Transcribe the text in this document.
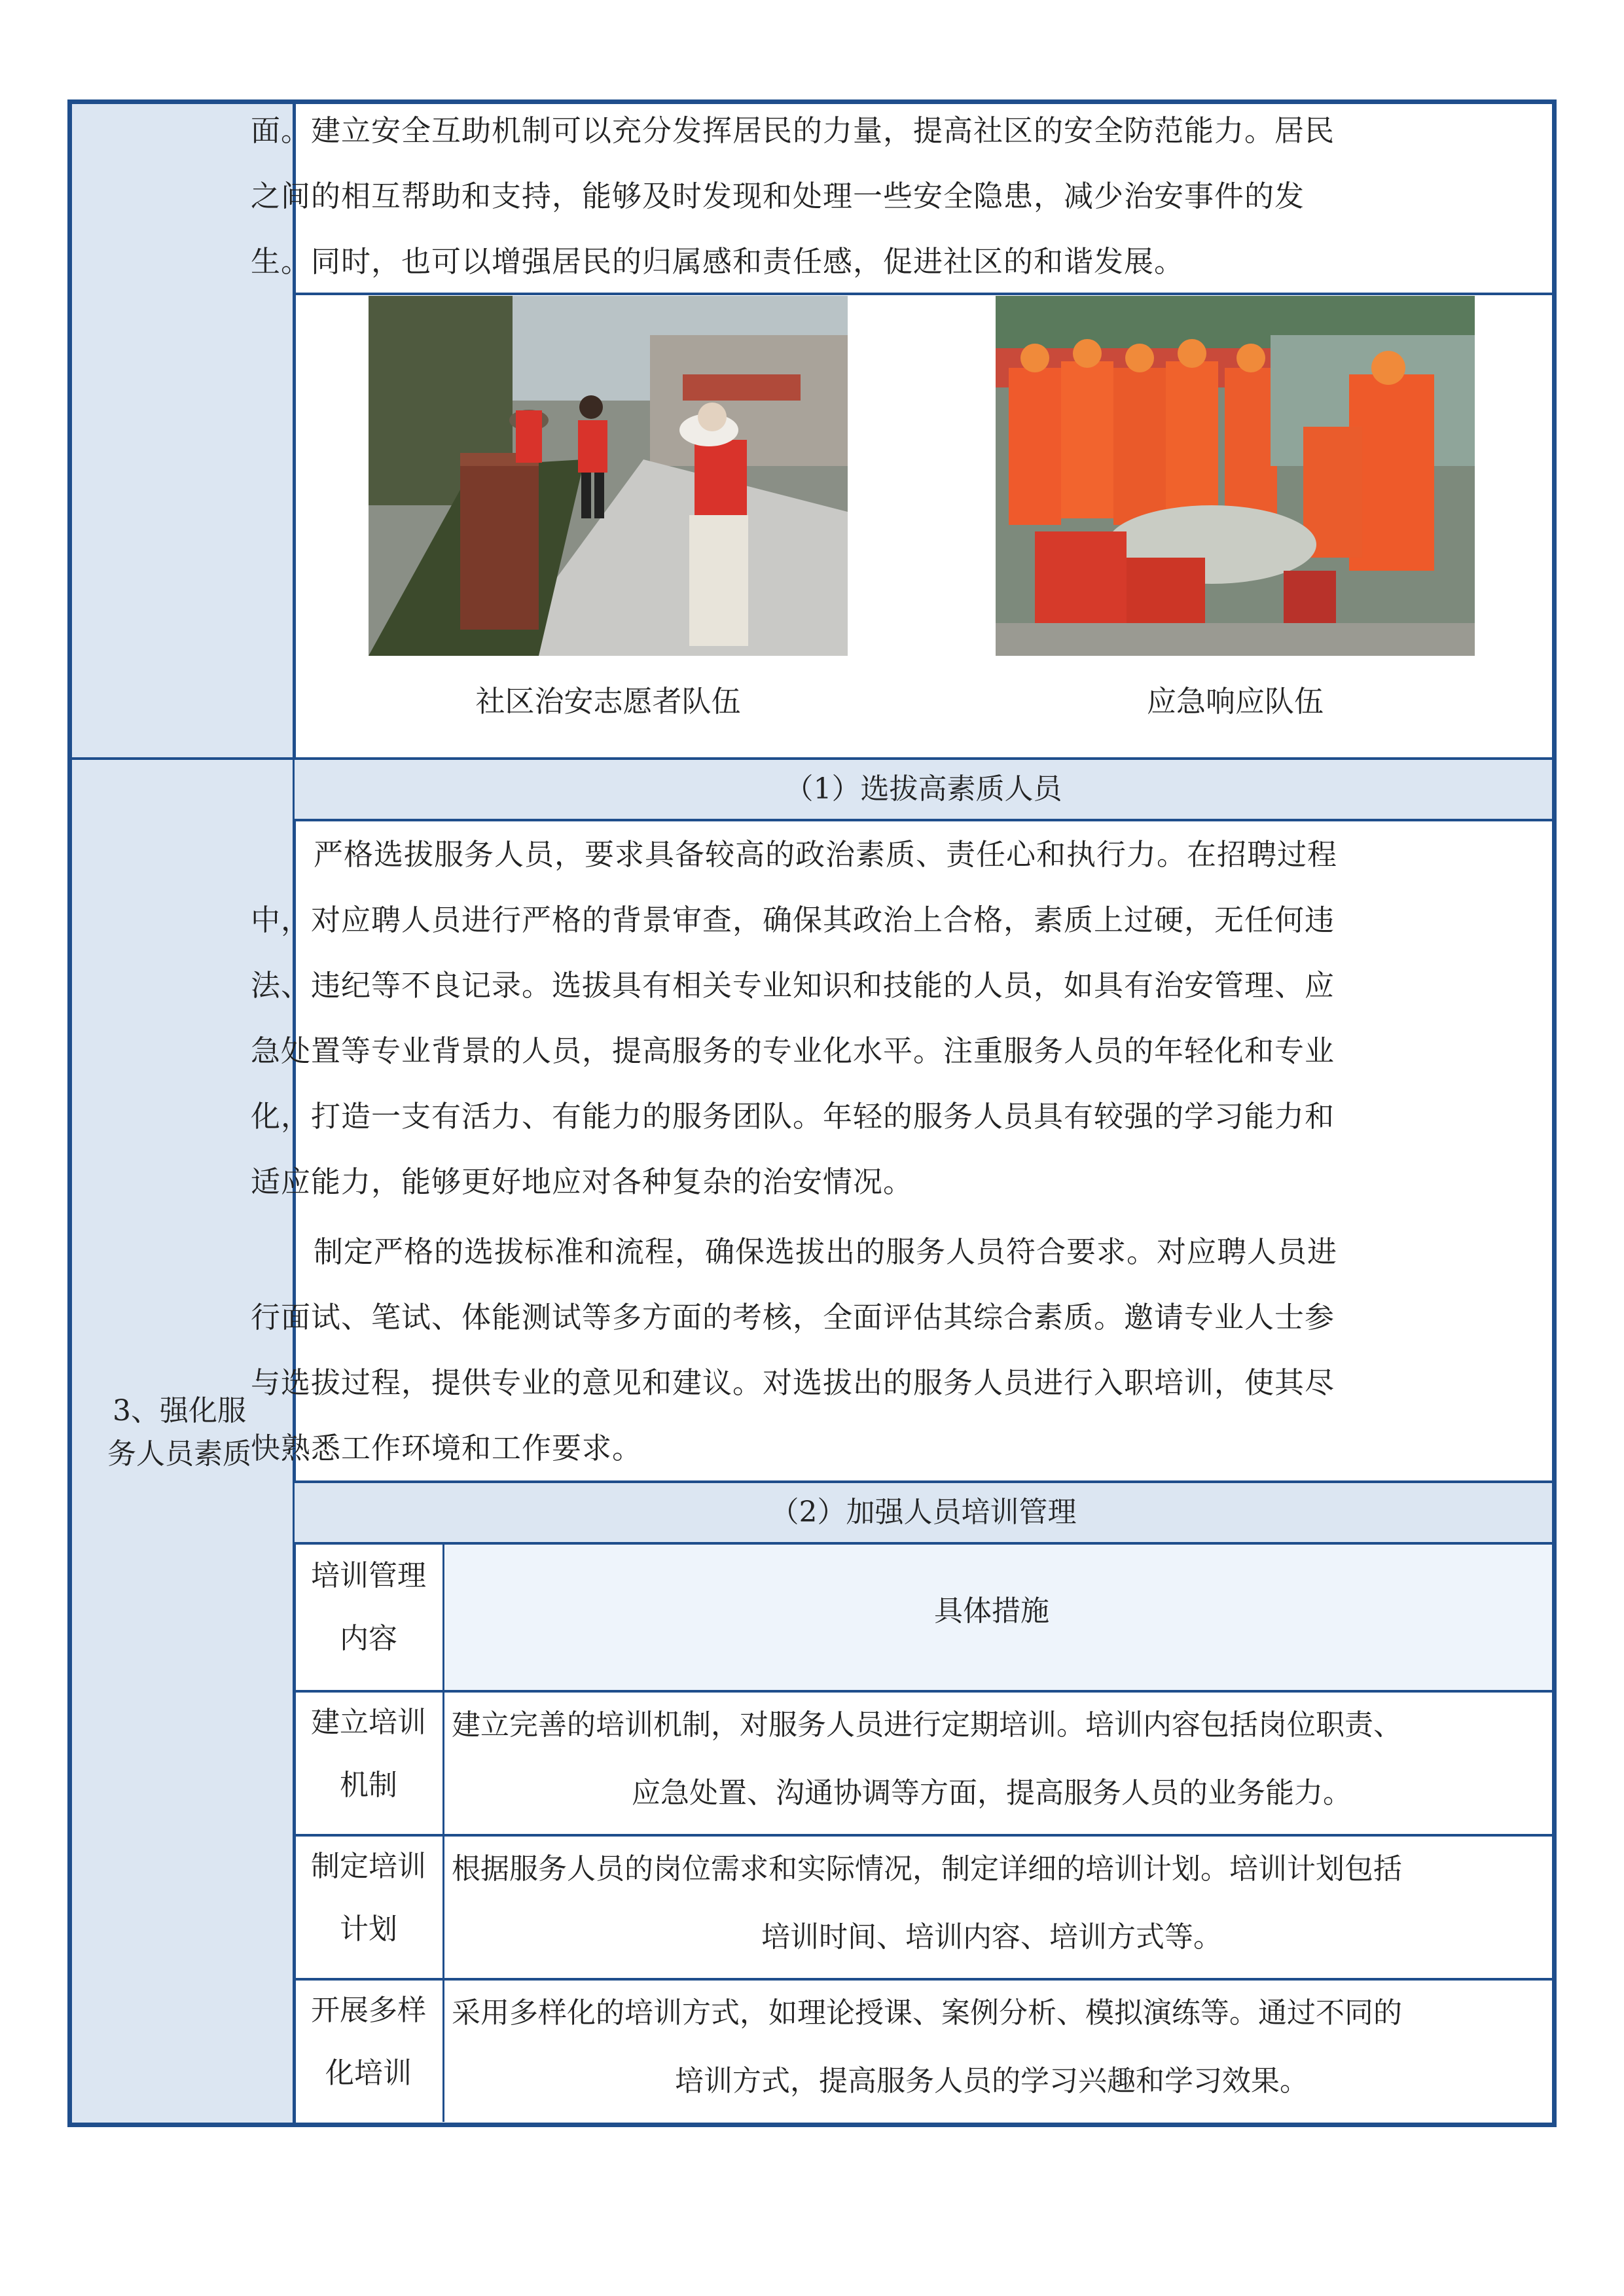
面。建立安全互助机制可以充分发挥居民的力量，提高社区的安全防范能力。居民
之间的相互帮助和支持，能够及时发现和处理一些安全隐患，减少治安事件的发
生。同时，也可以增强居民的归属感和责任感，促进社区的和谐发展。
社区治安志愿者队伍	应急响应队伍
3、强化服
务人员素质
（1）选拔高素质人员
严格选拔服务人员，要求具备较高的政治素质、责任心和执行力。在招聘过程
中，对应聘人员进行严格的背景审查，确保其政治上合格，素质上过硬，无任何违
法、违纪等不良记录。选拔具有相关专业知识和技能的人员，如具有治安管理、应
急处置等专业背景的人员，提高服务的专业化水平。注重服务人员的年轻化和专业
化，打造一支有活力、有能力的服务团队。年轻的服务人员具有较强的学习能力和
适应能力，能够更好地应对各种复杂的治安情况。
制定严格的选拔标准和流程，确保选拔出的服务人员符合要求。对应聘人员进
行面试、笔试、体能测试等多方面的考核，全面评估其综合素质。邀请专业人士参
与选拔过程，提供专业的意见和建议。对选拔出的服务人员进行入职培训，使其尽
快熟悉工作环境和工作要求。
（2）加强人员培训管理
培训管理
内容
具体措施
建立培训
机制
建立完善的培训机制，对服务人员进行定期培训。培训内容包括岗位职责、
应急处置、沟通协调等方面，提高服务人员的业务能力。
制定培训
计划
根据服务人员的岗位需求和实际情况，制定详细的培训计划。培训计划包括
培训时间、培训内容、培训方式等。
开展多样
化培训
采用多样化的培训方式，如理论授课、案例分析、模拟演练等。通过不同的
培训方式，提高服务人员的学习兴趣和学习效果。
